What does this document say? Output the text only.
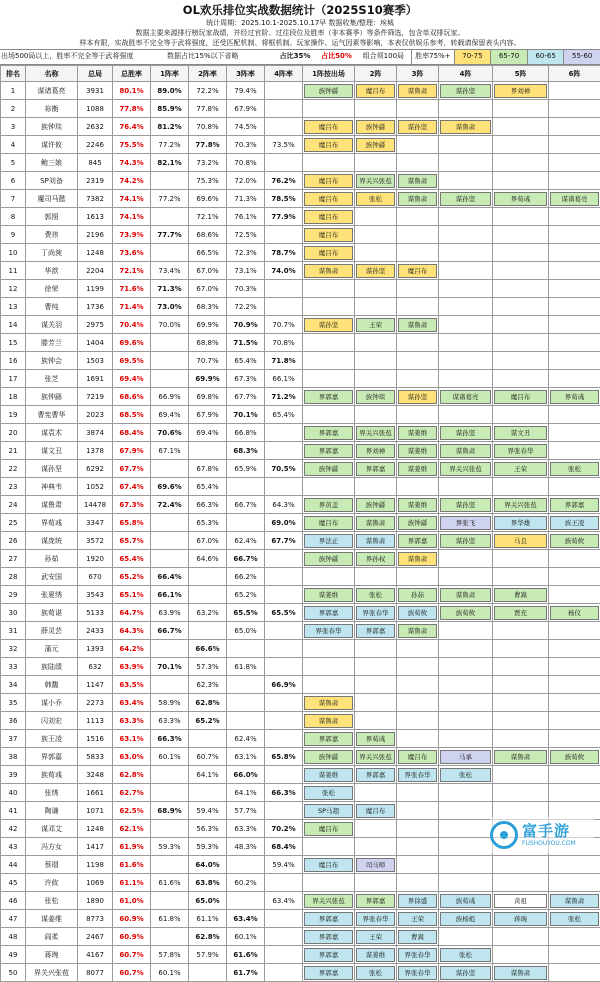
OL欢乐排位实战数据统计（2025S10赛季）
统计周期：2025.10.1-2025.10.17早 数据收集/整理：埃城
数据主要来源排行榜玩家战绩，并经过官阶、过往段位及胜率（非本赛季）等条件筛选，包含单双排玩家。
样本有限，实战胜率不完全等于武将强度，还受匹配机制、将框机制、玩家操作、运气因素等影响，本表仅供娱乐参考，转载请保留表头内容。
出场500局以上，胜率不完全等于武将强度	数据占比15%以下省略	占比35%	占比50%	组合须100局	胜率75%+	70-75	65-70	60-65	55-60
排名	名称	总局	总胜率	1阵率	2阵率	3阵率	4阵率	1阵按出场	2阵	3阵	4阵	5阵	6阵
1	谋诸葛亮	3931	80.1%	89.0%	72.2%	79.4%		族钟繇	魔吕布	谋鲁肃	谋孙坚	界刘禅	

2	祢衡	1088	77.8%	85.9%	77.8%	67.9%		

3	族钟琰	2632	76.4%	81.2%	70.8%	74.5%		魔吕布	族钟繇	谋孙坚	谋鲁肃		

4	谋许攸	2246	75.5%	77.2%	77.8%	70.3%	73.5%	魔吕布	族钟繇				

5	鲍三娘	845	74.3%	82.1%	73.2%	70.8%		

6	SP刘备	2319	74.2%		75.3%	72.0%	76.2%	魔吕布	界关兴张苞	谋鲁肃			

7	魔司马懿	7382	74.1%	77.2%	69.6%	71.3%	78.5%	魔吕布	张松	谋鲁肃	谋孙坚	界荀彧	谋诸葛亮

8	郭照	1613	74.1%		72.1%	76.1%	77.9%	魔吕布					

9	费祎	2196	73.9%	77.7%	68.6%	72.5%		魔吕布					

10	丁尚涴	1248	73.6%		66.5%	72.3%	78.7%	魔吕布					

11	华歆	2204	72.1%	73.4%	67.0%	73.1%	74.0%	谋鲁肃	谋孙坚	魔吕布			

12	徐荣	1199	71.6%	71.3%	67.0%	70.3%		

13	曹纯	1736	71.4%	73.0%	68.3%	72.2%		

14	谋关羽	2975	70.4%	70.0%	69.9%	70.9%	70.7%	谋孙坚	王荣	谋鲁肃			

15	滕芳兰	1404	69.6%		68.8%	71.5%	70.8%	

16	族钟会	1503	69.5%		70.7%	65.4%	71.8%	

17	张芝	1691	69.4%		69.9%	67.3%	66.1%	

18	族钟繇	7219	68.6%	66.9%	69.8%	67.7%	71.2%	界郭嘉	族钟琰	谋孙坚	谋诸葛亮	魔吕布	界荀彧

19	曹宪曹华	2023	68.5%	69.4%	67.9%	70.1%	65.4%	

20	谋袁术	3874	68.4%	70.6%	69.4%	66.8%		界郭嘉	界关兴张苞	谋姜维	谋孙坚	谋文丑	

21	谋文丑	1378	67.9%	67.1%		68.3%		界郭嘉	界刘禅	谋姜维	谋鲁肃	界张春华	

22	谋孙坚	6292	67.7%		67.8%	65.9%	70.5%	族钟繇	界郭嘉	谋姜维	界关兴张苞	王荣	张松

23	神典韦	1052	67.4%	69.6%	65.4%			

24	谋鲁肃	14478	67.3%	72.4%	66.3%	66.7%	64.3%	界黄盖	族钟繇	谋姜维	谋孙坚	界关兴张苞	界郭嘉

25	界荀彧	3347	65.8%		65.3%		69.0%	魔吕布	谋鲁肃	族钟繇	界张飞	界华雄	族王凌

26	谋庞统	3572	65.7%		67.0%	62.4%	67.7%	界法正	谋鲁肃	界郭嘉	谋孙坚	马良	族荀攸

27	孙茹	1920	65.4%		64.6%	66.7%		族钟繇	界孙权	谋鲁肃			

28	武安国	670	65.2%	66.4%		66.2%		

29	张夏绣	3543	65.1%	66.1%		65.2%		谋姜维	张松	孙茹	谋鲁肃	曹嵩	

30	族荀谌	5133	64.7%	63.9%	63.2%	65.5%	65.5%	界郭嘉	界张春华	族荀攸	族荀攸	贾充	杨仪

31	薛灵芸	2433	64.3%	66.7%		65.0%		界张春华	界郭嘉	谋鲁肃			

32	蒲元	1393	64.2%		66.6%			

33	族陆绩	632	63.9%	70.1%	57.3%	61.8%		

34	韩馥	1147	63.5%		62.3%		66.9%	

35	谋小乔	2273	63.4%	58.9%	62.8%			谋鲁肃					

36	闪刘宏	1113	63.3%	63.3%	65.2%			谋鲁肃					

37	族王凌	1516	63.1%	66.3%		62.4%		界郭嘉	界荀彧				

38	界郭嘉	5833	63.0%	60.1%	60.7%	63.1%	65.8%	族钟繇	界关兴张苞	魔吕布	马承	谋鲁肃	族荀攸

39	族荀彧	3248	62.8%		64.1%	66.0%		谋姜维	界郭嘉	界张春华	张松		

40	张绣	1661	62.7%			64.1%	66.3%	张松					

41	陶谦	1071	62.5%	68.9%	59.4%	57.7%		SP马超	魔吕布				

42	谋邓艾	1248	62.1%		56.3%	63.3%	70.2%	魔吕布					

43	冯方女	1417	61.9%	59.3%	59.3%	48.3%	68.4%	

44	蔡瑁	1198	61.6%		64.0%		59.4%	魔吕布	司马师				

45	许攸	1069	61.1%	61.6%	63.8%	60.2%		

46	张松	1890	61.0%		65.0%		63.4%	界关兴张苞	界郭嘉	界徐盛	族荀彧	黄祖	谋鲁肃

47	谋姜维	8773	60.9%	61.8%	61.1%	63.4%		界郭嘉	界张春华	王荣	族杨彪	蒋琬	张松

48	阎柔	2467	60.9%		62.8%	60.1%		界郭嘉	王荣	曹嵩			

49	蒋琬	4167	60.7%	57.8%	57.9%	61.6%		界郭嘉	谋姜维	界张春华	张松		

50	界关兴张苞	8077	60.7%	60.1%		61.7%		界郭嘉	张松	界张春华	谋孙坚	谋鲁肃	

富手游
FUSHOUYOU.COM
